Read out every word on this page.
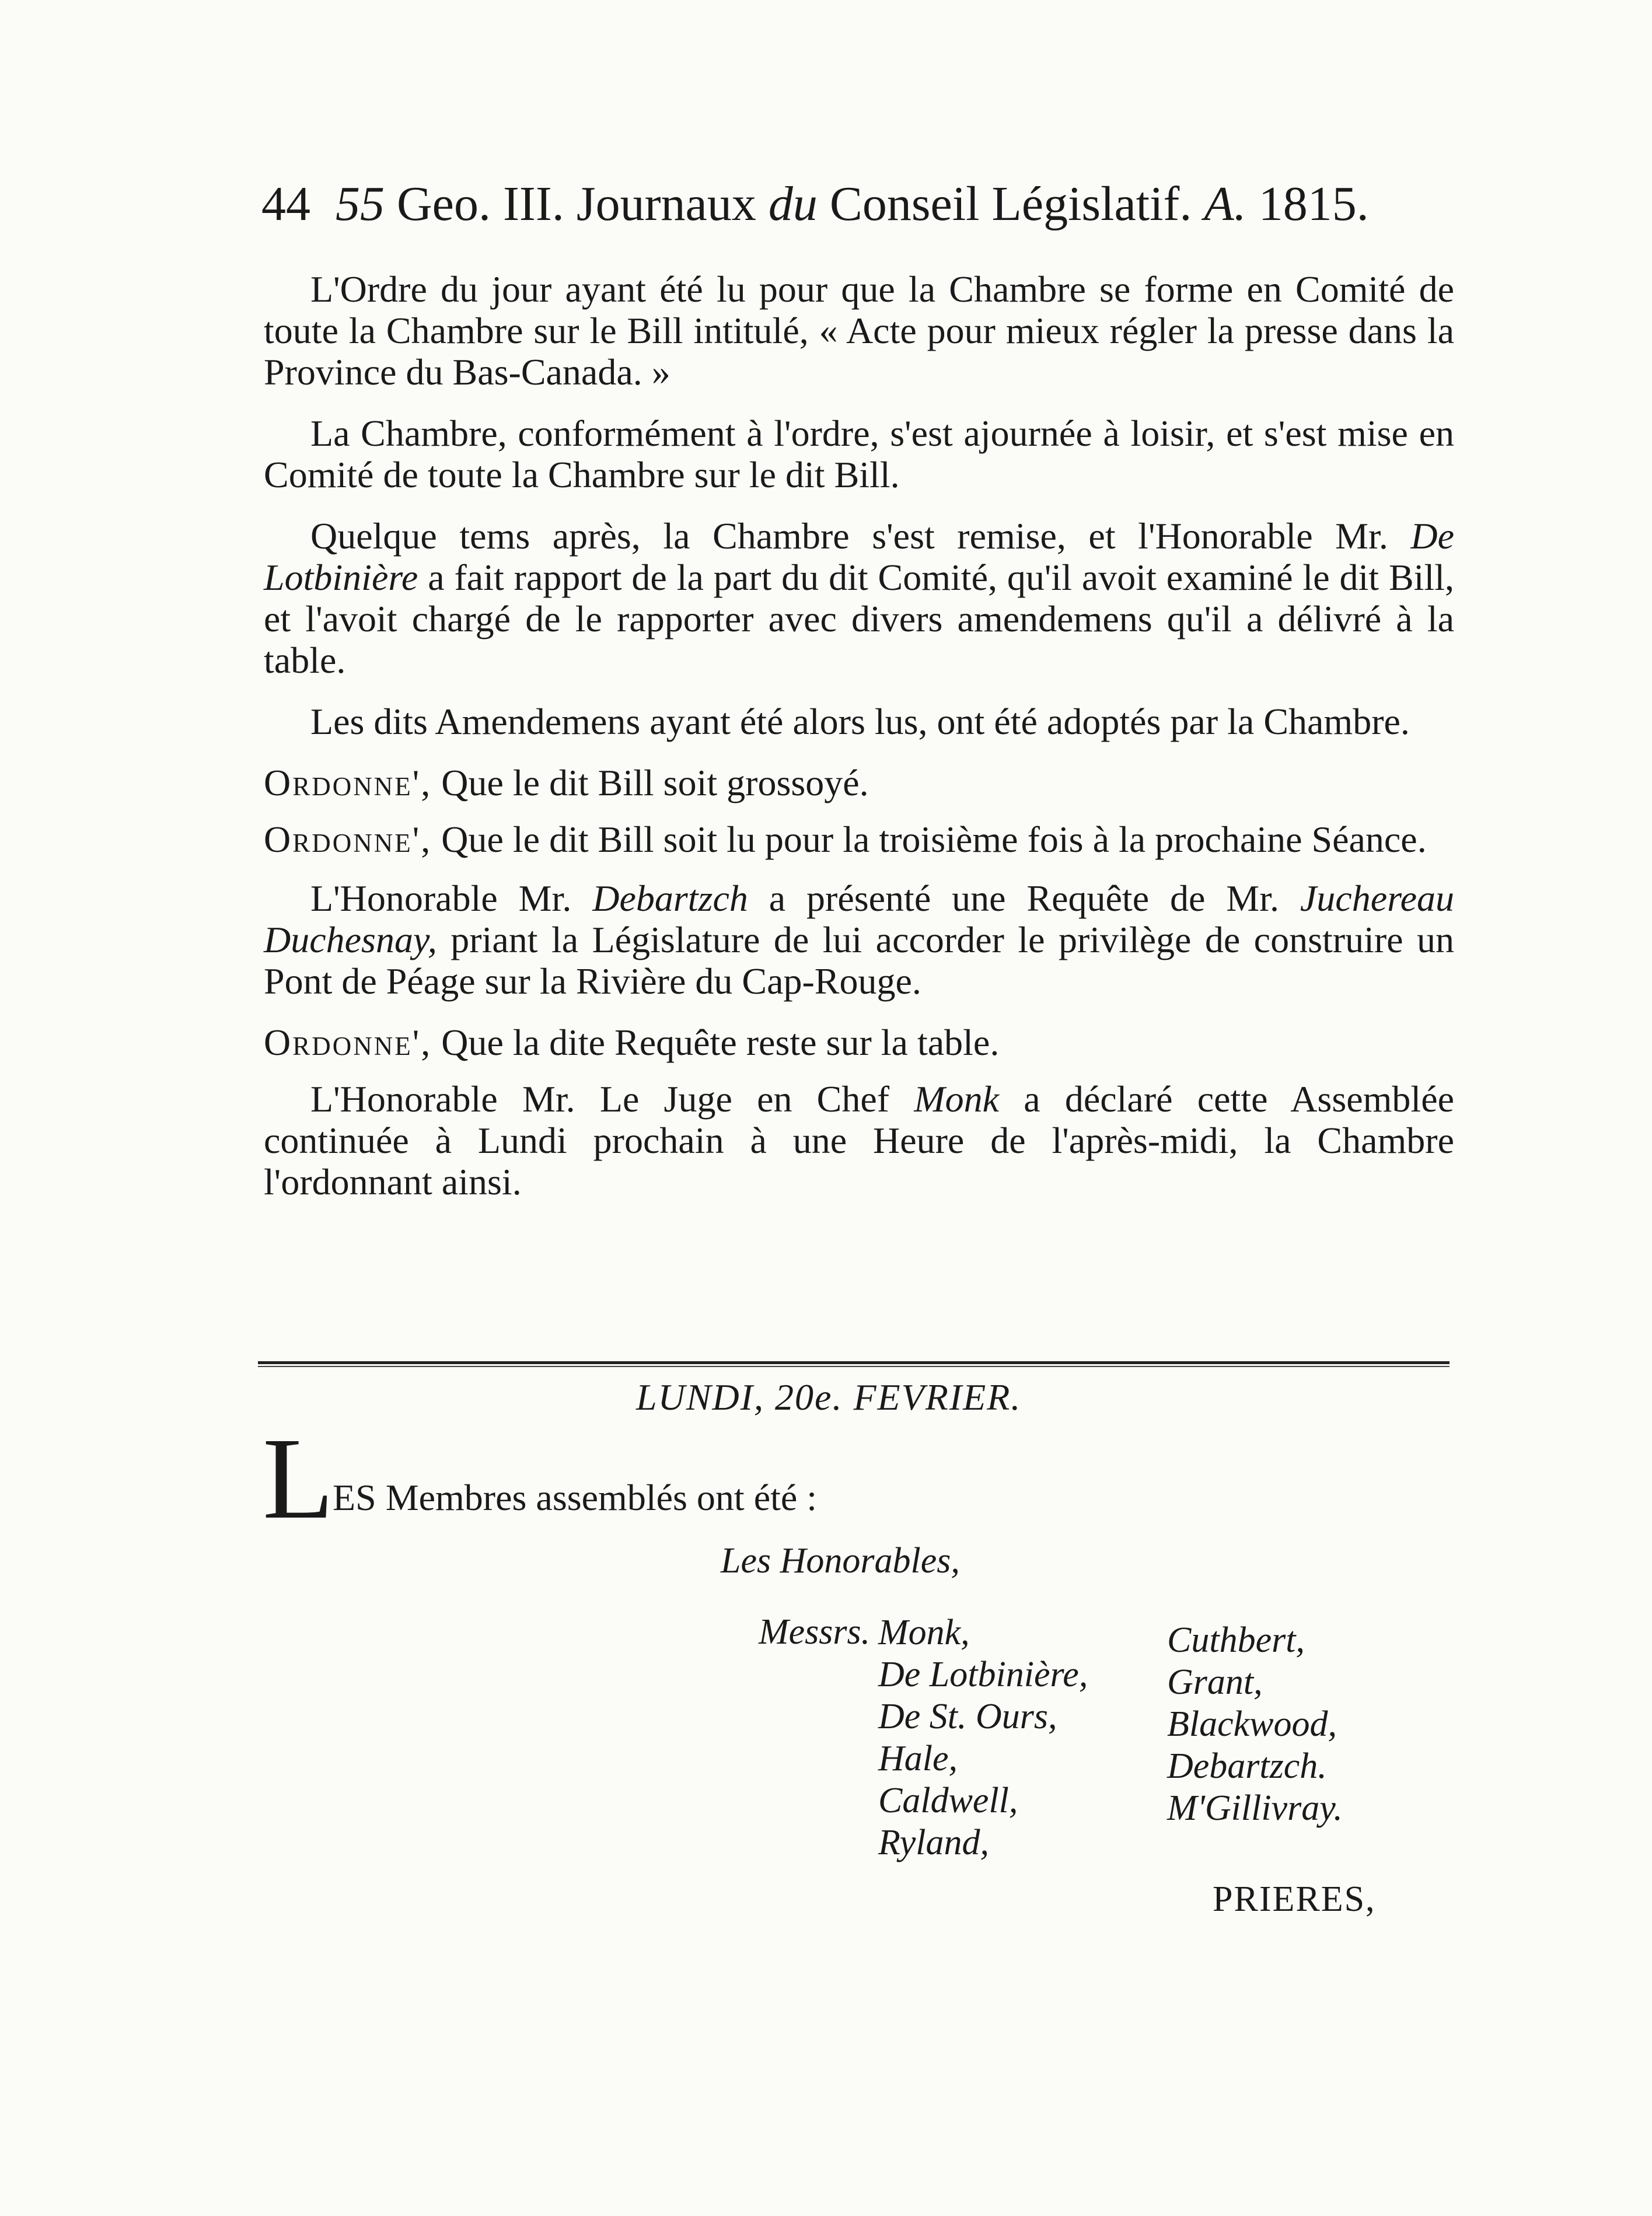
44 55 Geo. III. Journaux du Conseil Législatif. A. 1815.

L'Ordre du jour ayant été lu pour que la Chambre se forme en Comité de toute la Chambre sur le Bill intitulé, « Acte pour mieux régler la presse dans la Province du Bas-Canada. »

La Chambre, conformément à l'ordre, s'est ajournée à loisir, et s'est mise en Comité de toute la Chambre sur le dit Bill.

Quelque tems après, la Chambre s'est remise, et l'Honorable Mr. De Lotbinière a fait rapport de la part du dit Comité, qu'il avoit examiné le dit Bill, et l'avoit chargé de le rapporter avec divers amendemens qu'il a délivré à la table.

Les dits Amendemens ayant été alors lus, ont été adoptés par la Chambre.

Ordonne', Que le dit Bill soit grossoyé.

Ordonne', Que le dit Bill soit lu pour la troisième fois à la prochaine Séance.

L'Honorable Mr. Debartzch a présenté une Requête de Mr. Juchereau Duchesnay, priant la Législature de lui accorder le privilège de construire un Pont de Péage sur la Rivière du Cap-Rouge.

Ordonne', Que la dite Requête reste sur la table.

L'Honorable Mr. Le Juge en Chef Monk a déclaré cette Assemblée continuée à Lundi prochain à une Heure de l'après-midi, la Chambre l'ordonnant ainsi.

LUNDI, 20e. FEVRIER.
L
ES Membres assemblés ont été :
Les Honorables,
Messrs. Monk,
De Lotbinière,
De St. Ours,
Hale,
Caldwell,
Ryland,
Cuthbert,
Grant,
Blackwood,
Debartzch.
M'Gillivray.
PRIERES,
